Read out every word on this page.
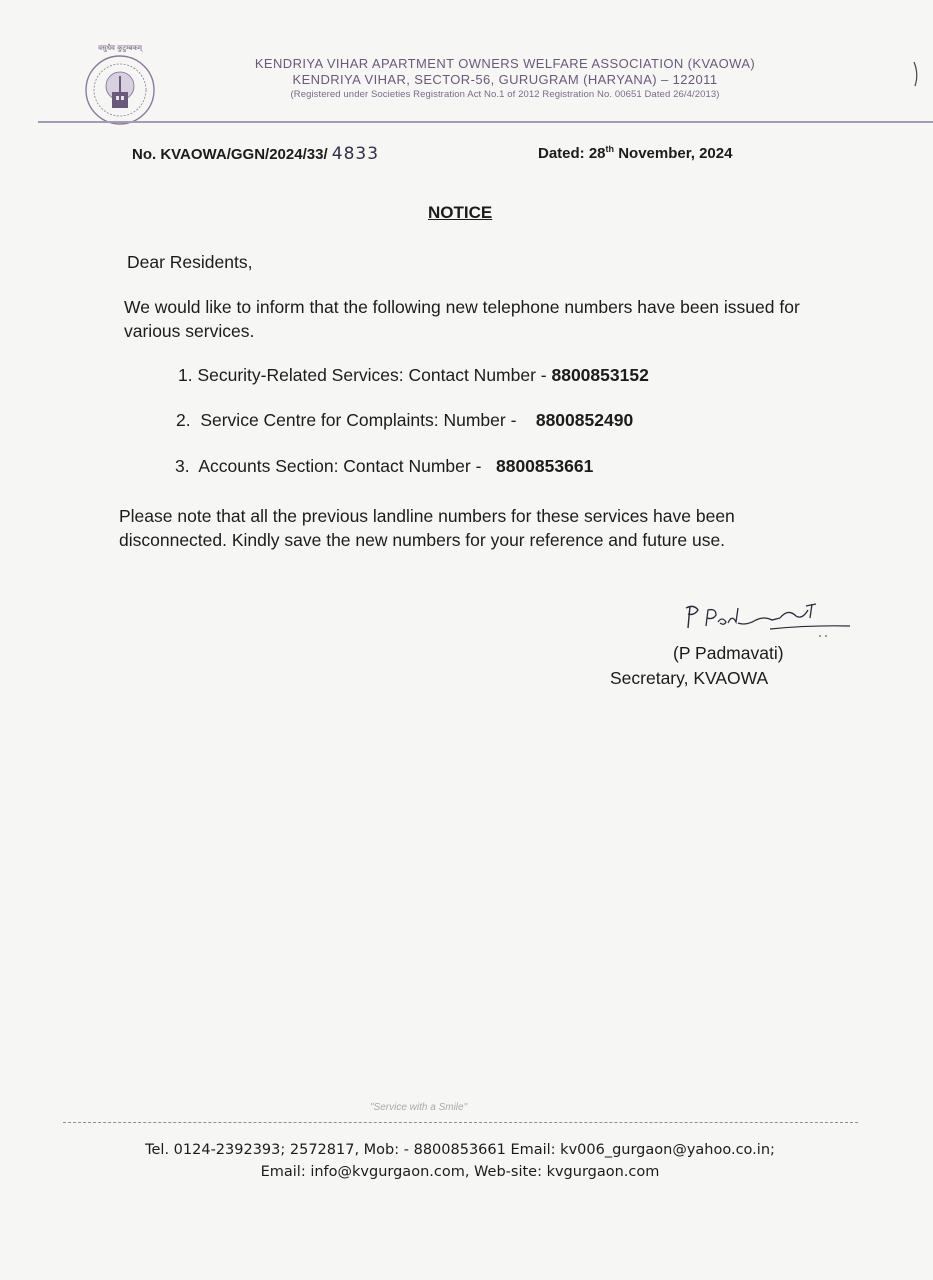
वसुधैव कुटुम्बकम्
KENDRIYA VIHAR APARTMENT OWNERS WELFARE ASSOCIATION (KVAOWA)
KENDRIYA VIHAR, SECTOR-56, GURUGRAM (HARYANA) – 122011
(Registered under Societies Registration Act No.1 of 2012 Registration No. 00651 Dated 26/4/2013)
No. KVAOWA/GGN/2024/33/ 4833	Dated: 28th November, 2024
NOTICE
Dear Residents,
We would like to inform that the following new telephone numbers have been issued for various services.
1. Security-Related Services: Contact Number - 8800853152
2.  Service Centre for Complaints: Number -    8800852490
3.  Accounts Section: Contact Number -   8800853661
Please note that all the previous landline numbers for these services have been disconnected. Kindly save the new numbers for your reference and future use.
(P Padmavati)
Secretary, KVAOWA
"Service with a Smile"
Tel. 0124-2392393; 2572817, Mob: - 8800853661 Email: kv006_gurgaon@yahoo.co.in;
Email: info@kvgurgaon.com, Web-site: kvgurgaon.com
